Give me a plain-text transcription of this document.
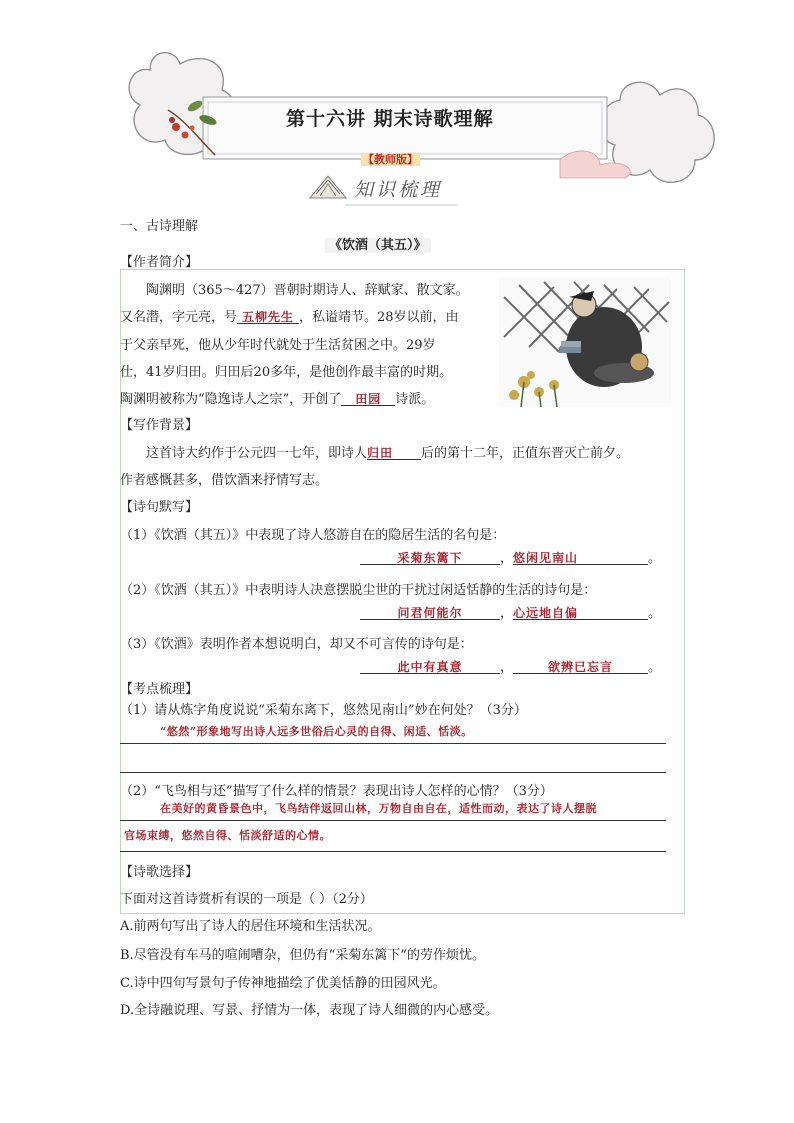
第十六讲 期末诗歌理解
【教师版】
知识梳理
一、古诗理解
《饮酒（其五）》
【作者简介】
陶渊明（365～427）晋朝时期诗人、辞赋家、散文家。
又名潜，字元亮，号 五柳先生 ，私谥靖节。28岁以前，由
于父亲早死，他从少年时代就处于生活贫困之中。29岁
仕，41岁归田。归田后20多年，是他创作最丰富的时期。
陶渊明被称为“隐逸诗人之宗”，开创了 田园 诗派。
【写作背景】
这首诗大约作于公元四一七年，即诗人归田 后的第十二年，正值东晋灭亡前夕。
作者感慨甚多，借饮酒来抒情写志。
【诗句默写】
（1）《饮酒（其五）》中表现了诗人悠游自在的隐居生活的名句是：
采菊东篱下	，悠闲见南山	。
（2）《饮酒（其五）》中表明诗人决意摆脱尘世的干扰过闲适恬静的生活的诗句是：
问君何能尔	，心远地自偏	。
（3）《饮酒》表明作者本想说明白，却又不可言传的诗句是：
此中有真意	，	欲辨已忘言	。
【考点梳理】
（1）请从炼字角度说说“采菊东离下，悠然见南山”妙在何处？（3分）
“悠然”形象地写出诗人远多世俗后心灵的自得、闲适、恬淡。
（2）“飞鸟相与还”描写了什么样的情景？表现出诗人怎样的心情？（3分）
在美好的黄昏景色中，飞鸟结伴返回山林，万物自由自在，适性而动，表达了诗人摆脱
官场束缚，悠然自得、恬淡舒适的心情。
【诗歌选择】
下面对这首诗赏析有误的一项是（ ）（2分）
A.前两句写出了诗人的居住环境和生活状况。
B.尽管没有车马的喧闹嘈杂，但仍有“采菊东篱下”的劳作烦忧。
C.诗中四句写景句子传神地描绘了优美恬静的田园风光。
D.全诗融说理、写景、抒情为一体，表现了诗人细微的内心感受。
